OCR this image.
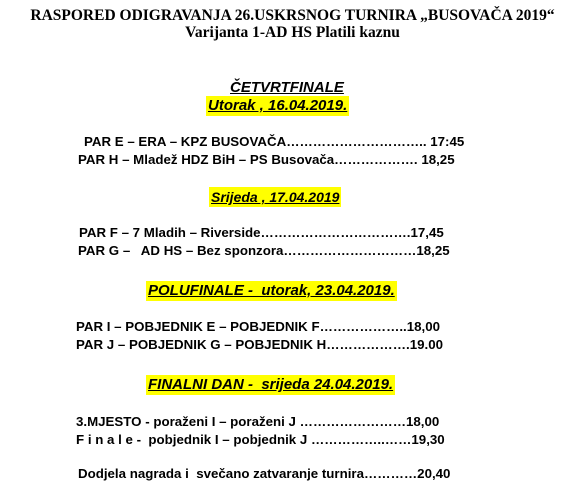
RASPORED ODIGRAVANJA 26.USKRSNOG TURNIRA „BUSOVAČA 2019“
Varijanta 1-AD HS Platili kaznu
ČETVRTFINALE
Utorak , 16.04.2019.
PAR E – ERA – KPZ BUSOVAČA………………………….. 17:45
PAR H – Mladež HDZ BiH – PS Busovača………………. 18,25
Srijeda , 17.04.2019
PAR F – 7 Mladih – Riverside…………………………….17,45
PAR G –   AD HS – Bez sponzora…………………………18,25
POLUFINALE -  utorak, 23.04.2019.
PAR I – POBJEDNIK E – POBJEDNIK F………………..18,00
PAR J – POBJEDNIK G – POBJEDNIK H……………….19.00
FINALNI DAN -  srijeda 24.04.2019.
3.MJESTO - poraženi I – poraženi J ……………………18,00
F i n a l e -  pobjednik I – pobjednik J ……………..……19,30
Dodjela nagrada i  svečano zatvaranje turnira…………20,40
